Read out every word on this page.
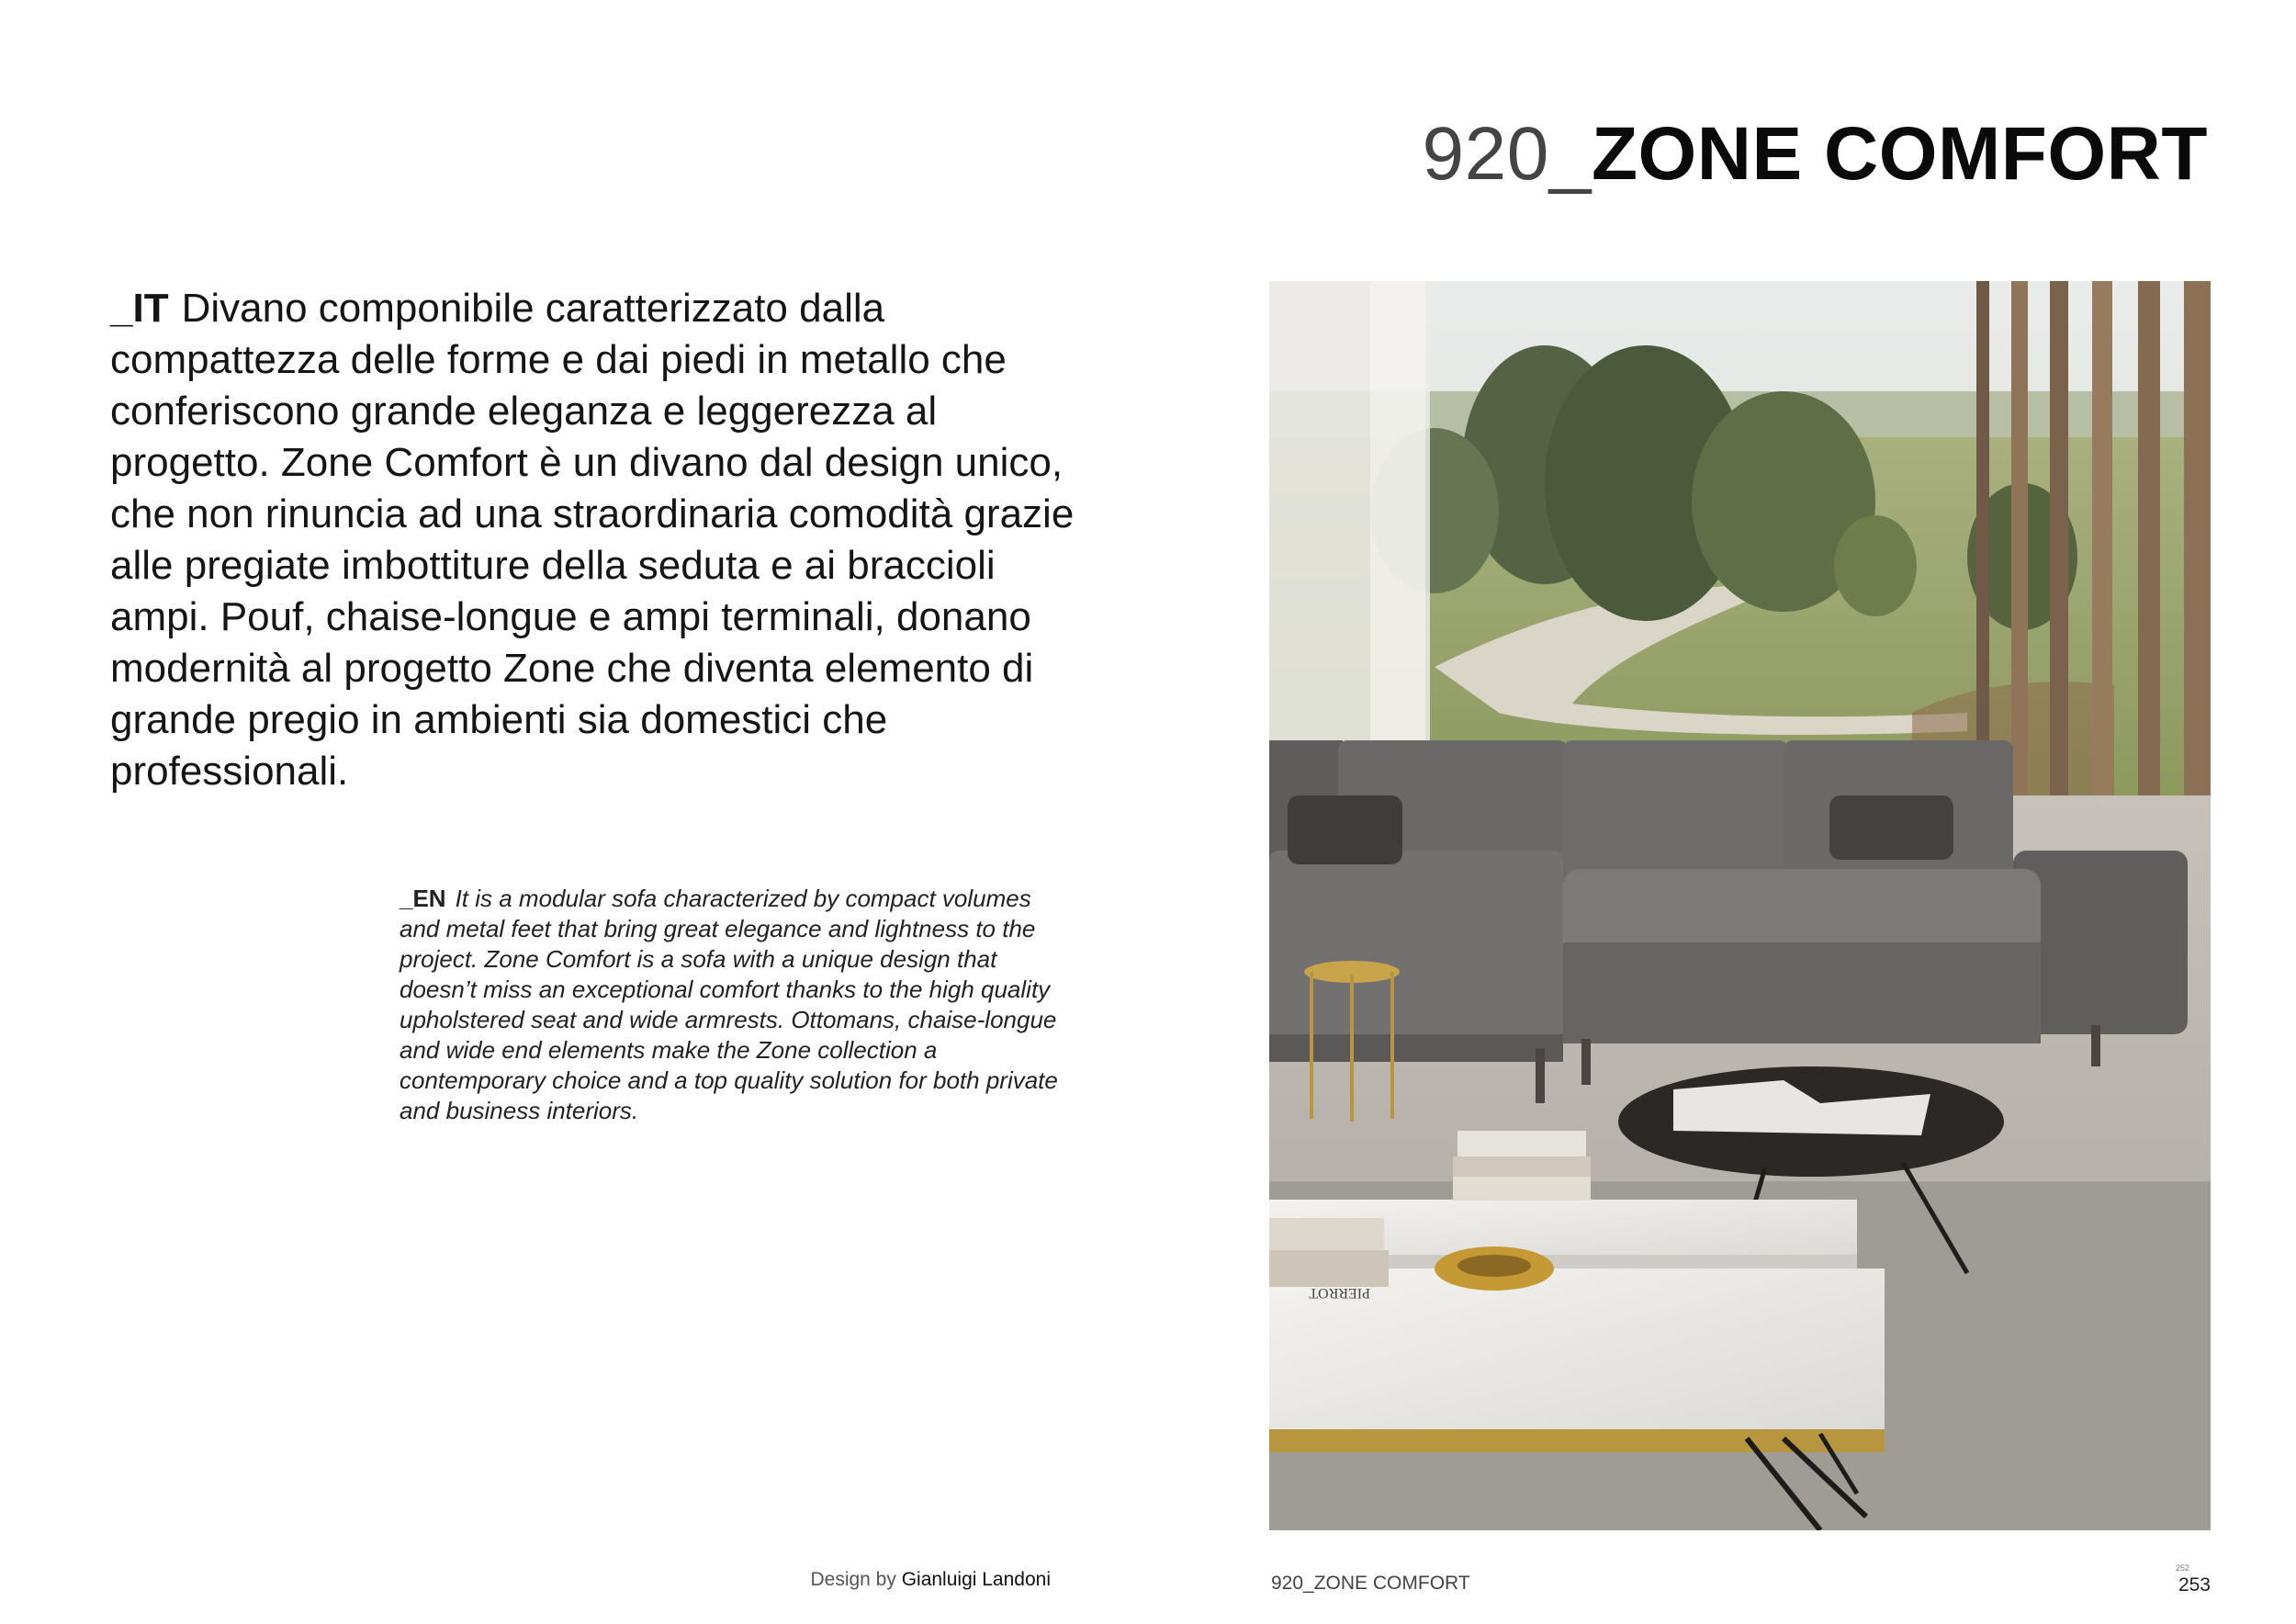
920_ZONE COMFORT

_IT Divano componibile caratterizzato dalla compattezza delle forme e dai piedi in metallo che conferiscono grande eleganza e leggerezza al progetto. Zone Comfort è un divano dal design unico, che non rinuncia ad una straordinaria comodità grazie alle pregiate imbottiture della seduta e ai braccioli ampi. Pouf, chaise-longue e ampi terminali, donano modernità al progetto Zone che diventa elemento di grande pregio in ambienti sia domestici che professionali.

_EN It is a modular sofa characterized by compact volumes and metal feet that bring great elegance and lightness to the project. Zone Comfort is a sofa with a unique design that doesn’t miss an exceptional comfort thanks to the high quality upholstered seat and wide armrests. Ottomans, chaise-longue and wide end elements make the Zone collection a contemporary choice and a top quality solution for both private and business interiors.

PIERROT
Design by Gianluigi Landoni	920_ZONE COMFORT
252
253
